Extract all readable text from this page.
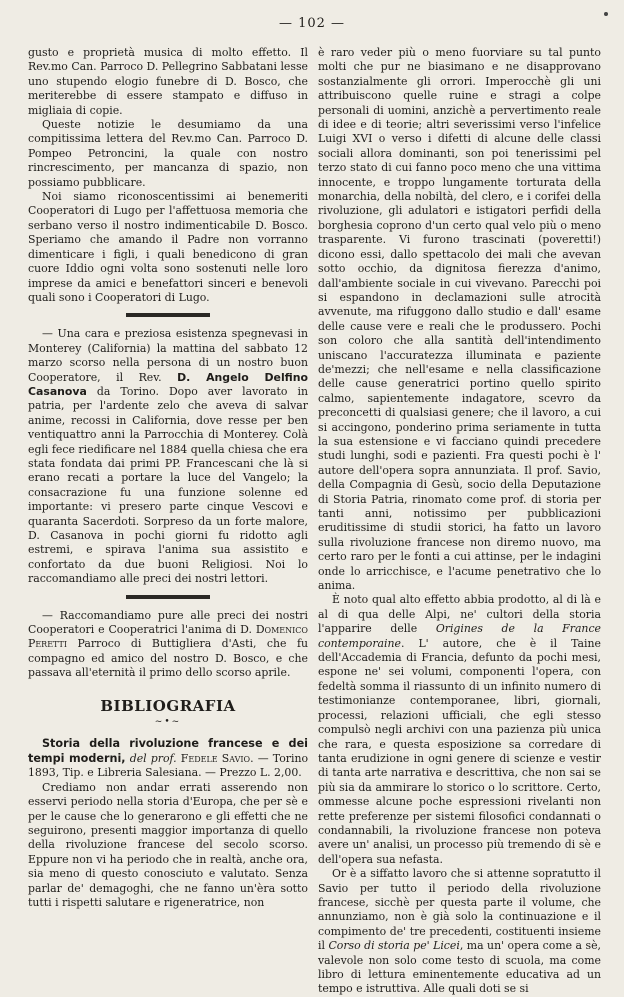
— 102 —

gusto e proprietà musica di molto effetto. Il Rev.mo Can. Parroco D. Pellegrino Sabbatani lesse uno stupendo elogio funebre di D. Bosco, che meriterebbe di essere stampato e diffuso in migliaia di copie.

Queste notizie le desumiamo da una compitissima lettera del Rev.mo Can. Parroco D. Pompeo Petroncini, la quale con nostro rincrescimento, per mancanza di spazio, non possiamo pubblicare.

Noi siamo riconoscentissimi ai benemeriti Cooperatori di Lugo per l'affettuosa memoria che serbano verso il nostro indimenticabile D. Bosco. Speriamo che amando il Padre non vorranno dimenticare i figli, i quali benedicono di gran cuore Iddio ogni volta sono sostenuti nelle loro imprese da amici e benefattori sinceri e benevoli quali sono i Cooperatori di Lugo.

— Una cara e preziosa esistenza spegnevasi in Monterey (California) la mattina del sabbato 12 marzo scorso nella persona di un nostro buon Cooperatore, il Rev. D. Angelo Delfino Casanova da Torino. Dopo aver lavorato in patria, per l'ardente zelo che aveva di salvar anime, recossi in California, dove resse per ben ventiquattro anni la Parrocchia di Monterey. Colà egli fece riedificare nel 1884 quella chiesa che era stata fondata dai primi PP. Francescani che là si erano recati a portare la luce del Vangelo; la consacrazione fu una funzione solenne ed importante: vi presero parte cinque Vescovi e quaranta Sacerdoti. Sorpreso da un forte malore, D. Casanova in pochi giorni fu ridotto agli estremi, e spirava l'anima sua assistito e confortato da due buoni Religiosi. Noi lo raccomandiamo alle preci dei nostri lettori.

— Raccomandiamo pure alle preci dei nostri Cooperatori e Cooperatrici l'anima di D. Domenico Peretti Parroco di Buttigliera d'Asti, che fu compagno ed amico del nostro D. Bosco, e che passava all'eternità il primo dello scorso aprile.

BIBLIOGRAFIA
~•~

Storia della rivoluzione francese e dei tempi moderni, del prof. Fedele Savio. — Torino 1893, Tip. e Libreria Salesiana. — Prezzo L. 2,00.

Crediamo non andar errati asserendo non esservi periodo nella storia d'Europa, che per sè e per le cause che lo generarono e gli effetti che ne seguirono, presenti maggior importanza di quello della rivoluzione francese del secolo scorso. Eppure non vi ha periodo che in realtà, anche ora, sia meno di questo conosciuto e valutato. Senza parlar de' demagoghi, che ne fanno un'èra sotto tutti i rispetti salutare e rigeneratrice, non

è raro veder più o meno fuorviare su tal punto molti che pur ne biasimano e ne disapprovano sostanzialmente gli orrori. Imperocchè gli uni attribuiscono quelle ruine e stragi a colpe personali di uomini, anzichè a pervertimento reale di idee e di teorie; altri severissimi verso l'infelice Luigi XVI o verso i difetti di alcune delle classi sociali allora dominanti, son poi tenerissimi pel terzo stato di cui fanno poco meno che una vittima innocente, e troppo lungamente torturata della monarchia, della nobiltà, del clero, e i corifei della rivoluzione, gli adulatori e istigatori perfidi della borghesia coprono d'un certo qual velo più o meno trasparente. Vi furono trascinati (poveretti!) dicono essi, dallo spettacolo dei mali che avevan sotto occhio, da dignitosa fierezza d'animo, dall'ambiente sociale in cui vivevano. Parecchi poi si espandono in declamazioni sulle atrocità avvenute, ma rifuggono dallo studio e dall' esame delle cause vere e reali che le produssero. Pochi son coloro che alla santità dell'intendimento uniscano l'accuratezza illuminata e paziente de'mezzi; che nell'esame e nella classificazione delle cause generatrici portino quello spirito calmo, sapientemente indagatore, scevro da preconcetti di qualsiasi genere; che il lavoro, a cui si accingono, ponderino prima seriamente in tutta la sua estensione e vi facciano quindi precedere studi lunghi, sodi e pazienti. Fra questi pochi è l' autore dell'opera sopra annunziata. Il prof. Savio, della Compagnia di Gesù, socio della Deputazione di Storia Patria, rinomato come prof. di storia per tanti anni, notissimo per pubblicazioni eruditissime di studii storici, ha fatto un lavoro sulla rivoluzione francese non diremo nuovo, ma certo raro per le fonti a cui attinse, per le indagini onde lo arricchisce, e l'acume penetrativo che lo anima.

È noto qual alto effetto abbia prodotto, al di là e al di qua delle Alpi, ne' cultori della storia l'apparire delle Origines de la France contemporaine. L' autore, che è il Taine dell'Accademia di Francia, defunto da pochi mesi, espone ne' sei volumi, componenti l'opera, con fedeltà somma il riassunto di un infinito numero di testimonianze contemporanee, libri, giornali, processi, relazioni ufficiali, che egli stesso compulsò negli archivi con una pazienza più unica che rara, e questa esposizione sa corredare di tanta erudizione in ogni genere di scienze e vestir di tanta arte narrativa e descrittiva, che non sai se più sia da ammirare lo storico o lo scrittore. Certo, ommesse alcune poche espressioni rivelanti non rette preferenze per sistemi filosofici condannati o condannabili, la rivoluzione francese non poteva avere un' analisi, un processo più tremendo di sè e dell'opera sua nefasta.

Or è a siffatto lavoro che si attenne sopratutto il Savio per tutto il periodo della rivoluzione francese, sicchè per questa parte il volume, che annunziamo, non è già solo la continuazione e il compimento de' tre precedenti, costituenti insieme il Corso di storia pe' Licei, ma un' opera come a sè, valevole non solo come testo di scuola, ma come libro di lettura eminentemente educativa ad un tempo e istruttiva. Alle quali doti se si
